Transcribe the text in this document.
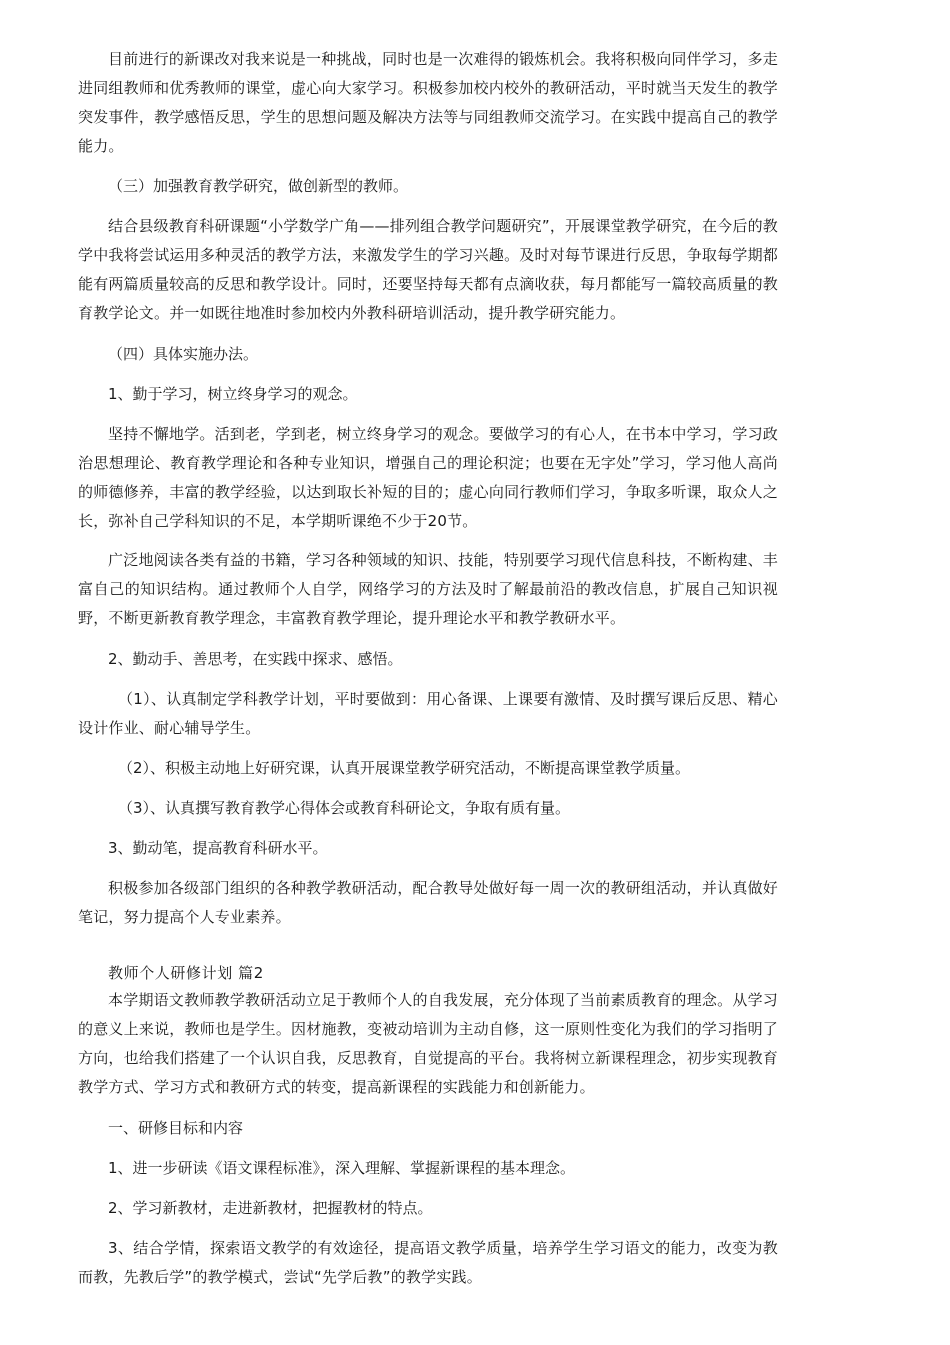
目前进行的新课改对我来说是一种挑战，同时也是一次难得的锻炼机会。我将积极向同伴学习，多走进同组教师和优秀教师的课堂，虚心向大家学习。积极参加校内校外的教研活动，平时就当天发生的教学突发事件，教学感悟反思，学生的思想问题及解决方法等与同组教师交流学习。在实践中提高自己的教学能力。

（三）加强教育教学研究，做创新型的教师。

结合县级教育科研课题“小学数学广角——排列组合教学问题研究”，开展课堂教学研究，在今后的教学中我将尝试运用多种灵活的教学方法，来激发学生的学习兴趣。及时对每节课进行反思，争取每学期都能有两篇质量较高的反思和教学设计。同时，还要坚持每天都有点滴收获，每月都能写一篇较高质量的教育教学论文。并一如既往地准时参加校内外教科研培训活动，提升教学研究能力。

（四）具体实施办法。

1、勤于学习，树立终身学习的观念。

坚持不懈地学。活到老，学到老，树立终身学习的观念。要做学习的有心人，在书本中学习，学习政治思想理论、教育教学理论和各种专业知识，增强自己的理论积淀；也要在无字处”学习，学习他人高尚的师德修养，丰富的教学经验，以达到取长补短的目的；虚心向同行教师们学习，争取多听课，取众人之长，弥补自己学科知识的不足，本学期听课绝不少于20节。

广泛地阅读各类有益的书籍，学习各种领域的知识、技能，特别要学习现代信息科技，不断构建、丰富自己的知识结构。通过教师个人自学，网络学习的方法及时了解最前沿的教改信息，扩展自己知识视野，不断更新教育教学理念，丰富教育教学理论，提升理论水平和教学教研水平。

2、勤动手、善思考，在实践中探求、感悟。

（1）、认真制定学科教学计划，平时要做到：用心备课、上课要有激情、及时撰写课后反思、精心设计作业、耐心辅导学生。

（2）、积极主动地上好研究课，认真开展课堂教学研究活动，不断提高课堂教学质量。

（3）、认真撰写教育教学心得体会或教育科研论文，争取有质有量。

3、勤动笔，提高教育科研水平。

积极参加各级部门组织的各种教学教研活动，配合教导处做好每一周一次的教研组活动，并认真做好笔记，努力提高个人专业素养。

教师个人研修计划 篇2

本学期语文教师教学教研活动立足于教师个人的自我发展，充分体现了当前素质教育的理念。从学习的意义上来说，教师也是学生。因材施教，变被动培训为主动自修，这一原则性变化为我们的学习指明了方向，也给我们搭建了一个认识自我，反思教育，自觉提高的平台。我将树立新课程理念，初步实现教育教学方式、学习方式和教研方式的转变，提高新课程的实践能力和创新能力。

一、研修目标和内容

1、进一步研读《语文课程标准》，深入理解、掌握新课程的基本理念。

2、学习新教材，走进新教材，把握教材的特点。

3、结合学情，探索语文教学的有效途径，提高语文教学质量，培养学生学习语文的能力，改变为教而教，先教后学”的教学模式，尝试“先学后教”的教学实践。
